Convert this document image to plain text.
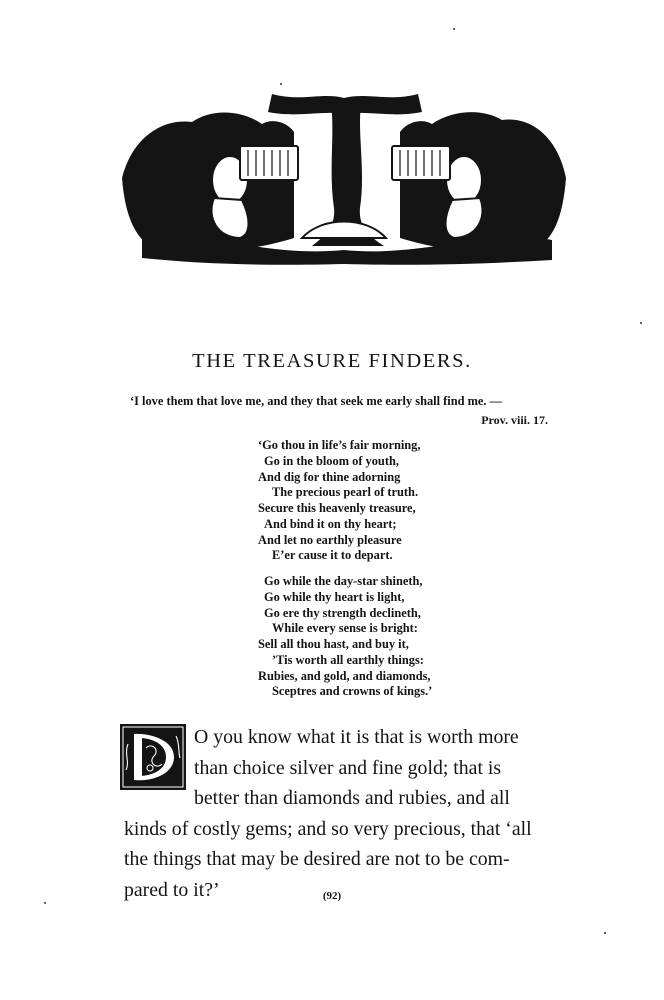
THE TREASURE FINDERS.
‘I love them that love me, and they that seek me early shall find me. —
Prov. viii. 17.
‘Go thou in life’s fair morning,
Go in the bloom of youth,
And dig for thine adorning
The precious pearl of truth.
Secure this heavenly treasure,
And bind it on thy heart;
And let no earthly pleasure
E’er cause it to depart.
Go while the day-star shineth,
Go while thy heart is light,
Go ere thy strength declineth,
While every sense is bright:
Sell all thou hast, and buy it,
’Tis worth all earthly things:
Rubies, and gold, and diamonds,
Sceptres and crowns of kings.’
D
O you know what it is that is worth more
than choice silver and fine gold; that is
better than diamonds and rubies, and all
kinds of costly gems; and so very precious, that ‘all
the things that may be desired are not to be com-
pared to it?’	(92)
